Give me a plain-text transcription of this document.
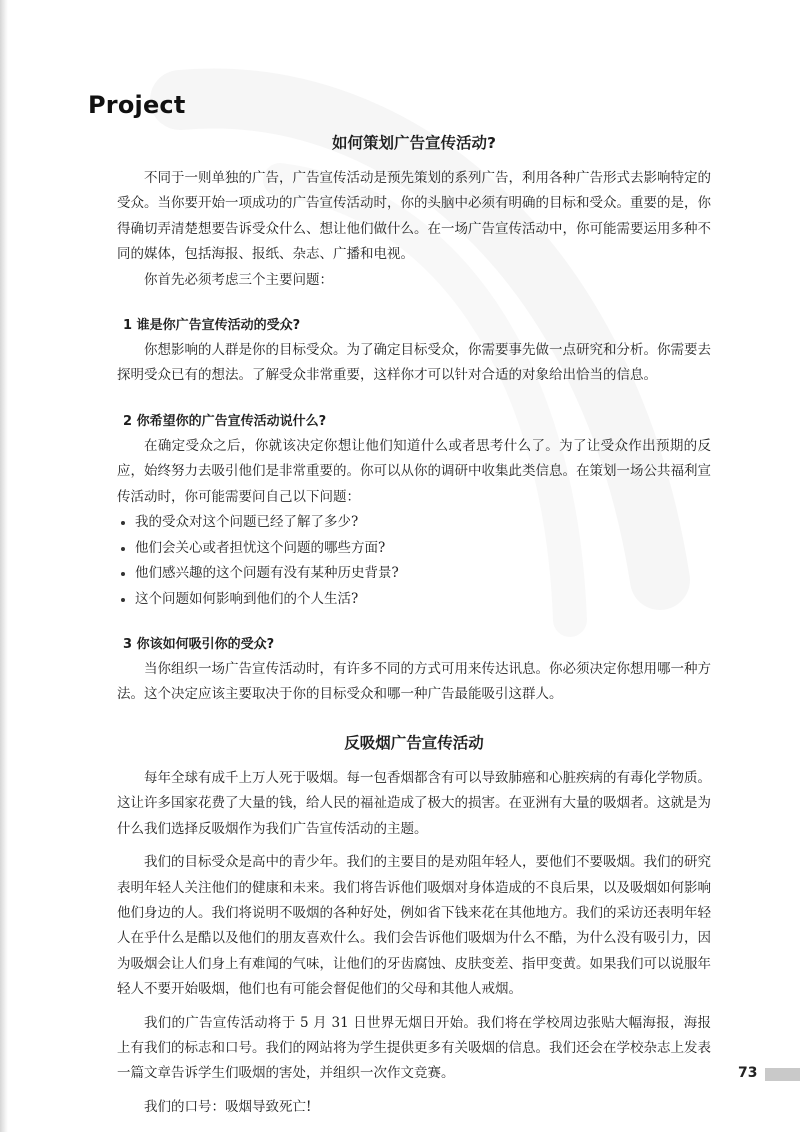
Project
如何策划广告宣传活动?

不同于一则单独的广告，广告宣传活动是预先策划的系列广告，利用各种广告形式去影响特定的受众。当你要开始一项成功的广告宣传活动时，你的头脑中必须有明确的目标和受众。重要的是，你得确切弄清楚想要告诉受众什么、想让他们做什么。在一场广告宣传活动中，你可能需要运用多种不同的媒体，包括海报、报纸、杂志、广播和电视。

你首先必须考虑三个主要问题：

1 谁是你广告宣传活动的受众?

你想影响的人群是你的目标受众。为了确定目标受众，你需要事先做一点研究和分析。你需要去探明受众已有的想法。了解受众非常重要，这样你才可以针对合适的对象给出恰当的信息。

2 你希望你的广告宣传活动说什么?

在确定受众之后，你就该决定你想让他们知道什么或者思考什么了。为了让受众作出预期的反应，始终努力去吸引他们是非常重要的。你可以从你的调研中收集此类信息。在策划一场公共福利宣传活动时，你可能需要问自己以下问题：

我的受众对这个问题已经了解了多少?
他们会关心或者担忧这个问题的哪些方面?
他们感兴趣的这个问题有没有某种历史背景?
这个问题如何影响到他们的个人生活?
3 你该如何吸引你的受众?

当你组织一场广告宣传活动时，有许多不同的方式可用来传达讯息。你必须决定你想用哪一种方法。这个决定应该主要取决于你的目标受众和哪一种广告最能吸引这群人。

反吸烟广告宣传活动

每年全球有成千上万人死于吸烟。每一包香烟都含有可以导致肺癌和心脏疾病的有毒化学物质。这让许多国家花费了大量的钱，给人民的福祉造成了极大的损害。在亚洲有大量的吸烟者。这就是为什么我们选择反吸烟作为我们广告宣传活动的主题。

我们的目标受众是高中的青少年。我们的主要目的是劝阻年轻人，要他们不要吸烟。我们的研究表明年轻人关注他们的健康和未来。我们将告诉他们吸烟对身体造成的不良后果，以及吸烟如何影响他们身边的人。我们将说明不吸烟的各种好处，例如省下钱来花在其他地方。我们的采访还表明年轻人在乎什么是酷以及他们的朋友喜欢什么。我们会告诉他们吸烟为什么不酷，为什么没有吸引力，因为吸烟会让人们身上有难闻的气味，让他们的牙齿腐蚀、皮肤变差、指甲变黄。如果我们可以说服年轻人不要开始吸烟，他们也有可能会督促他们的父母和其他人戒烟。

我们的广告宣传活动将于 5 月 31 日世界无烟日开始。我们将在学校周边张贴大幅海报，海报上有我们的标志和口号。我们的网站将为学生提供更多有关吸烟的信息。我们还会在学校杂志上发表一篇文章告诉学生们吸烟的害处，并组织一次作文竞赛。

我们的口号：吸烟导致死亡!

73
